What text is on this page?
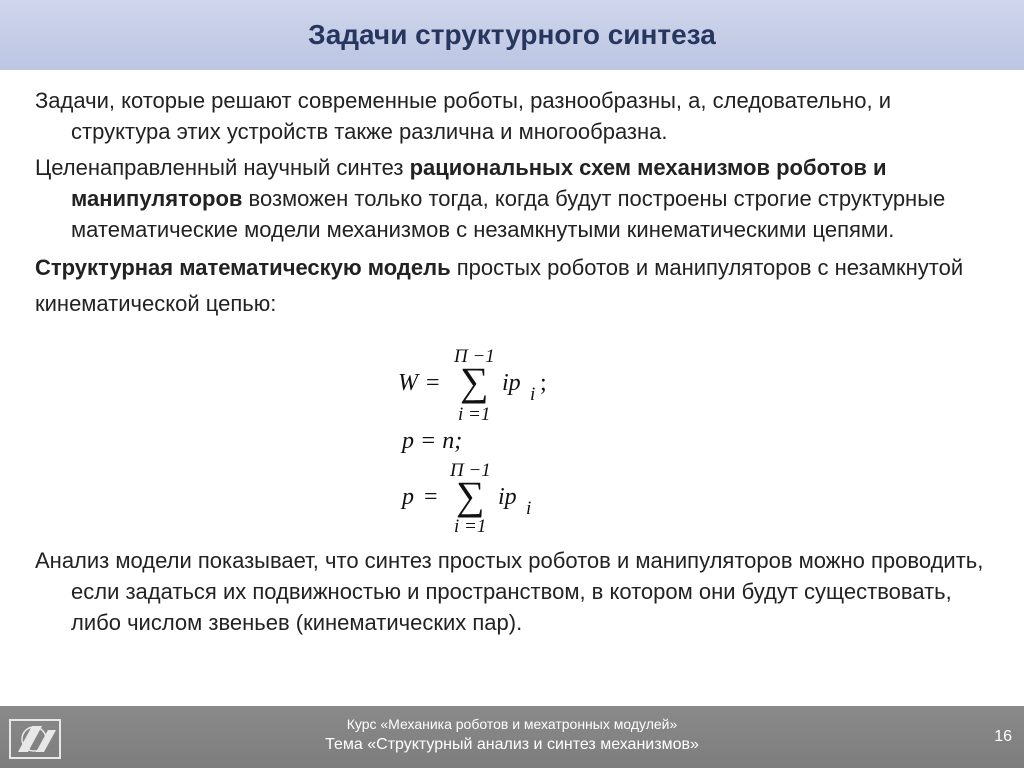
Задачи структурного синтеза

Задачи, которые решают современные роботы, разнообразны, а, следовательно, и структура этих устройств также различна и многообразна.

Целенаправленный научный синтез рациональных схем механизмов роботов и манипуляторов возможен только тогда, когда будут построены строгие структурные математические модели механизмов с незамкнутыми кинематическими цепями.

Структурная математическую модель простых роботов и манипуляторов с незамкнутой кинематической цепью:

W =
П −1
∑
i =1
ip i ;
p = n;
p =
П −1
∑
i =1
ip i

Анализ модели показывает, что синтез простых роботов и манипуляторов можно проводить, если задаться их подвижностью и пространством, в котором они будут существовать, либо числом звеньев (кинематических пар).

Курс «Механика роботов и мехатронных модулей»
Тема «Структурный анализ и синтез механизмов»	16
